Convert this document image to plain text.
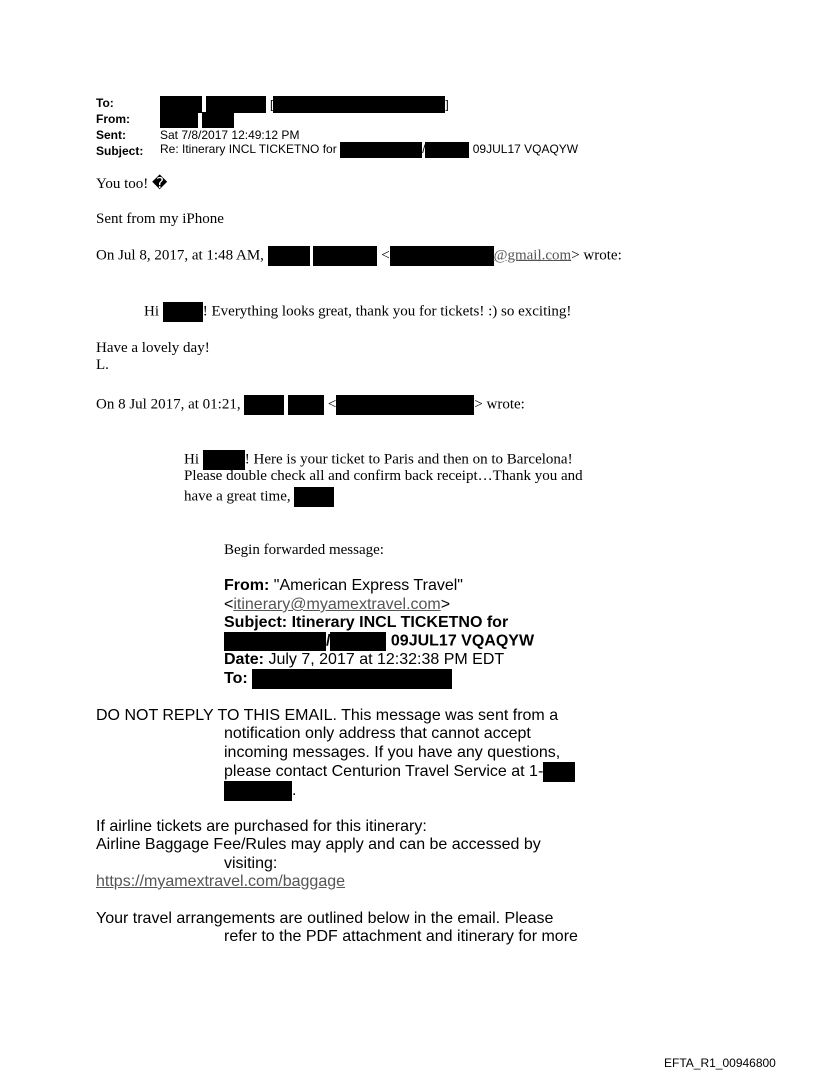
To:	[	]
From:

Sent:	Sat 7/8/2017 12:49:12 PM
Subject: Re: Itinerary INCL TICKETNO for	/	09JUL17 VQAQYW
You too! �
Sent from my iPhone
On Jul 8, 2017, at 1:48 AM,	<	@gmail.com> wrote:
Hi	! Everything looks great, thank you for tickets! :) so exciting!
Have a lovely day!
L.
On 8 Jul 2017, at 01:21,	<	> wrote:
Hi	! Here is your ticket to Paris and then on to Barcelona!
Please double check all and confirm back receipt…Thank you and
have a great time,
Begin forwarded message:
From: "American Express Travel"
<itinerary@myamextravel.com>
Subject: Itinerary INCL TICKETNO for
/	09JUL17 VQAQYW
Date: July 7, 2017 at 12:32:38 PM EDT
To:
DO NOT REPLY TO THIS EMAIL. This message was sent from a
notification only address that cannot accept
incoming messages. If you have any questions,
please contact Centurion Travel Service at 1-
.
If airline tickets are purchased for this itinerary:
Airline Baggage Fee/Rules may apply and can be accessed by
visiting:
https://myamextravel.com/baggage
Your travel arrangements are outlined below in the email. Please
refer to the PDF attachment and itinerary for more
EFTA_R1_00946800
